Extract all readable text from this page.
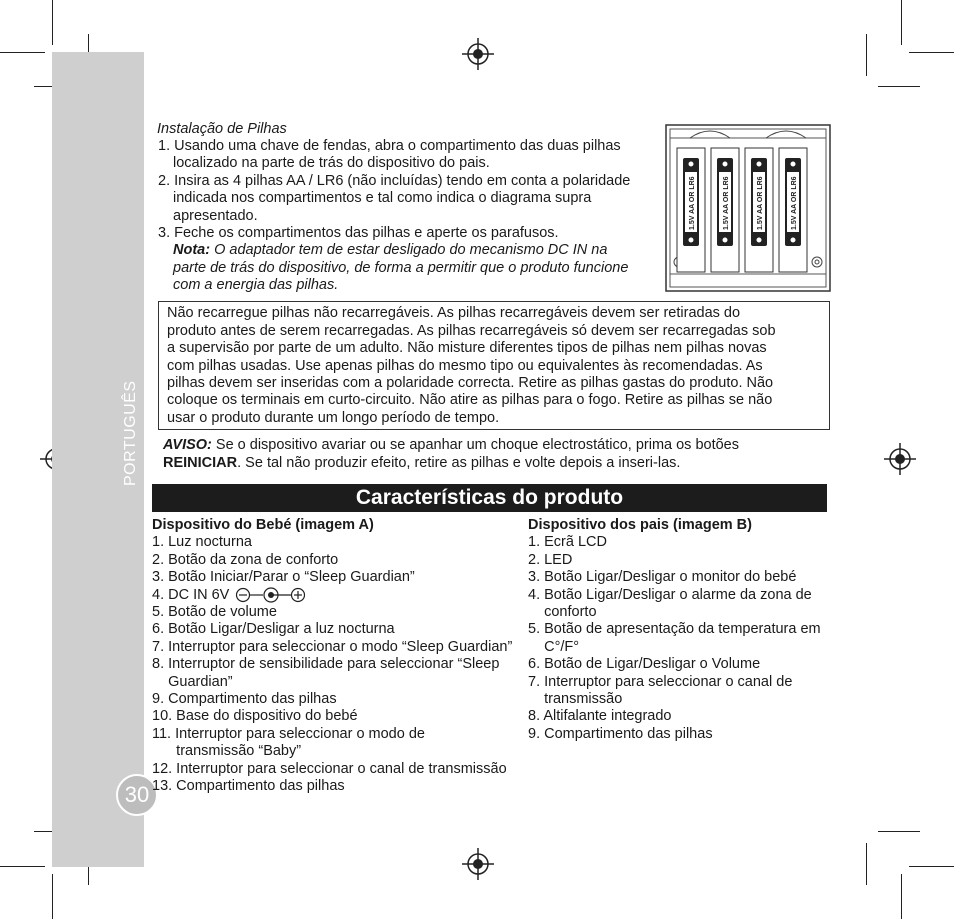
PORTUGUÊS
30
Instalação de Pilhas
1. Usando uma chave de fendas, abra o compartimento das duas pilhas
localizado na parte de trás do dispositivo do pais.
2. Insira as 4 pilhas AA / LR6 (não incluídas) tendo em conta a polaridade
indicada nos compartimentos e tal como indica o diagrama supra
apresentado.
3. Feche os compartimentos das pilhas e aperte os parafusos.
Nota: O adaptador tem de estar desligado do mecanismo DC IN na
parte de trás do dispositivo, de forma a permitir que o produto funcione
com a energia das pilhas.
1.5V AA OR LR6	1.5V AA OR LR6	1.5V AA OR LR6	1.5V AA OR LR6
Não recarregue pilhas não recarregáveis. As pilhas recarregáveis devem ser retiradas do
produto antes de serem recarregadas. As pilhas recarregáveis só devem ser recarregadas sob
a supervisão por parte de um adulto. Não misture diferentes tipos de pilhas nem pilhas novas
com pilhas usadas. Use apenas pilhas do mesmo tipo ou equivalentes às recomendadas. As
pilhas devem ser inseridas com a polaridade correcta. Retire as pilhas gastas do produto. Não
coloque os terminais em curto-circuito. Não atire as pilhas para o fogo. Retire as pilhas se não
usar o produto durante um longo período de tempo.
AVISO: Se o dispositivo avariar ou se apanhar um choque electrostático, prima os botões
REINICIAR. Se tal não produzir efeito, retire as pilhas e volte depois a inseri-las.
Características do produto
Dispositivo do Bebé (imagem A)
1. Luz nocturna
2. Botão da zona de conforto
3. Botão Iniciar/Parar o “Sleep Guardian”
4. DC IN 6V
5. Botão de volume
6. Botão Ligar/Desligar a luz nocturna
7. Interruptor para seleccionar o modo “Sleep Guardian”
8. Interruptor de sensibilidade para seleccionar “Sleep
Guardian”
9. Compartimento das pilhas
10. Base do dispositivo do bebé
11. Interruptor para seleccionar o modo de
transmissão “Baby”
12. Interruptor para seleccionar o canal de transmissão
13. Compartimento das pilhas
Dispositivo dos pais (imagem B)
1. Ecrã LCD
2. LED
3. Botão Ligar/Desligar o monitor do bebé
4. Botão Ligar/Desligar o alarme da zona de
conforto
5. Botão de apresentação da temperatura em
C°/F°
6. Botão de Ligar/Desligar o Volume
7. Interruptor para seleccionar o canal de
transmissão
8. Altifalante integrado
9. Compartimento das pilhas
